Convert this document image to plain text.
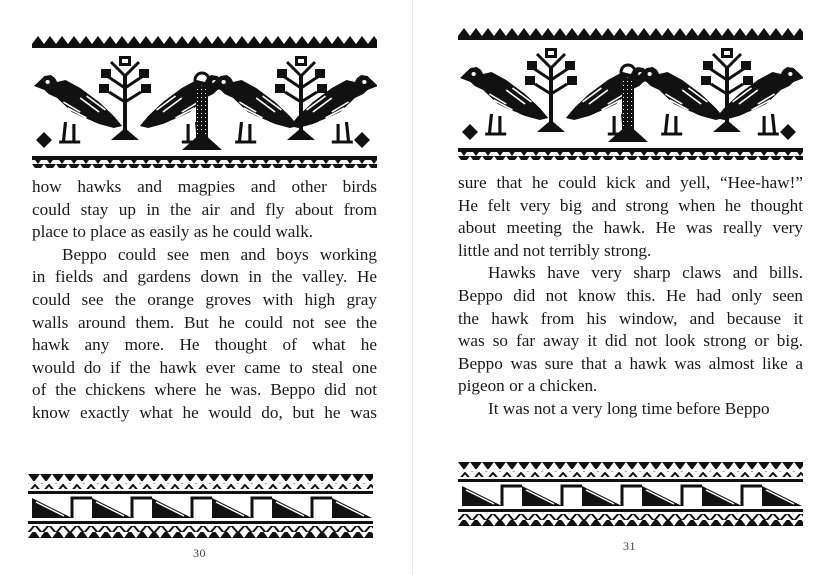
how hawks and magpies and other birds
could stay up in the air and fly about from
place to place as easily as he could walk.
Beppo could see men and boys working
in fields and gardens down in the valley. He
could see the orange groves with high gray
walls around them. But he could not see the
hawk any more. He thought of what he
would do if the hawk ever came to steal one
of the chickens where he was. Beppo did not
know exactly what he would do, but he was
30
sure that he could kick and yell, “Hee-haw!”
He felt very big and strong when he thought
about meeting the hawk. He was really very
little and not terribly strong.
Hawks have very sharp claws and bills.
Beppo did not know this. He had only seen
the hawk from his window, and because it
was so far away it did not look strong or big.
Beppo was sure that a hawk was almost like a
pigeon or a chicken.
It was not a very long time before Beppo
31
